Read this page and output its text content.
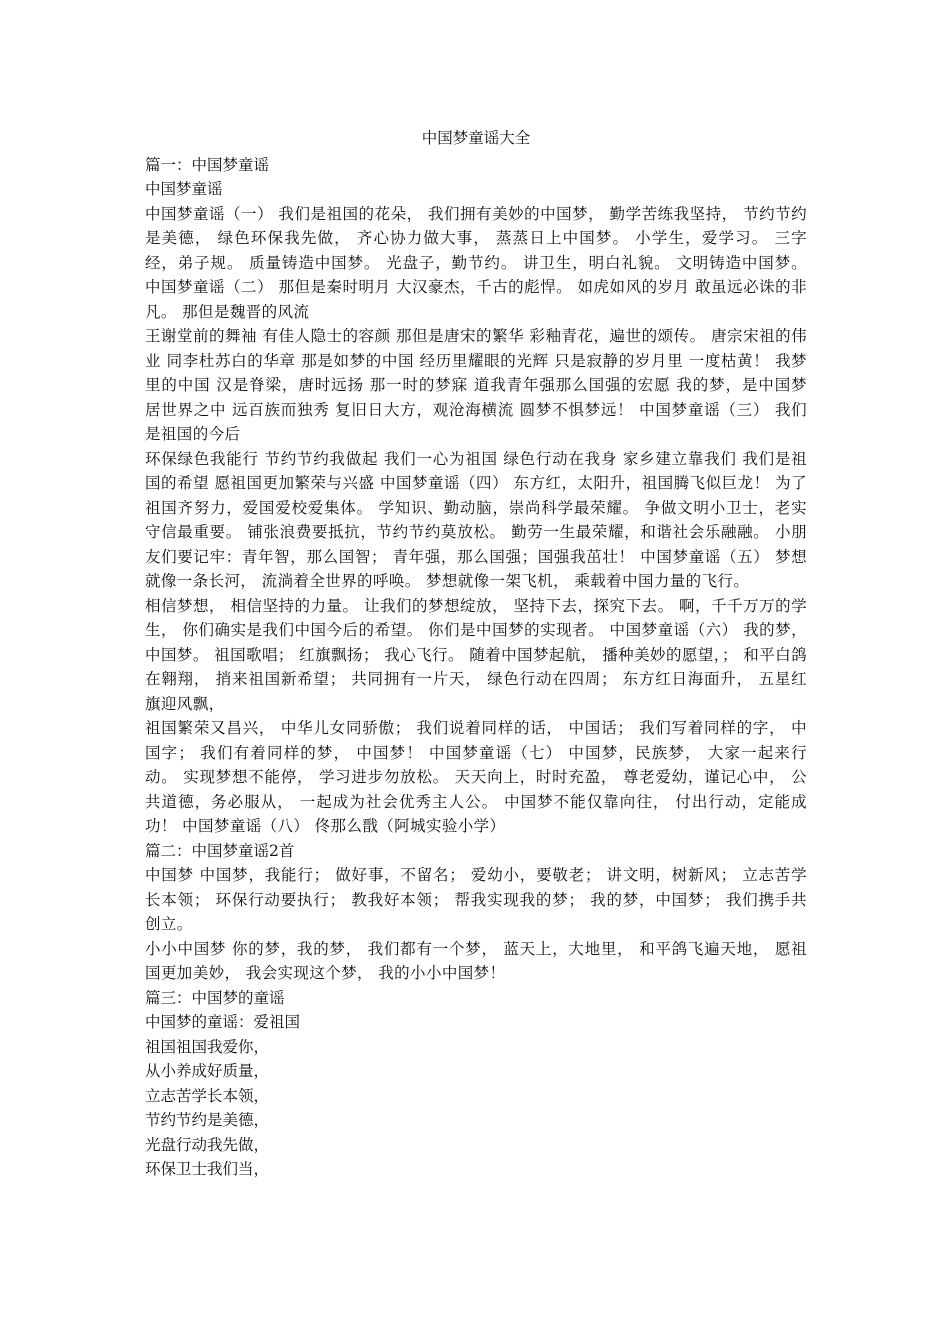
中国梦童谣大全

篇一：中国梦童谣

中国梦童谣

中国梦童谣（一） 我们是祖国的花朵， 我们拥有美妙的中国梦， 勤学苦练我坚持， 节约节约是美德， 绿色环保我先做， 齐心协力做大事， 蒸蒸日上中国梦。 小学生，爱学习。 三字经，弟子规。 质量铸造中国梦。 光盘子，勤节约。 讲卫生，明白礼貌。 文明铸造中国梦。 中国梦童谣（二） 那但是秦时明月 大汉豪杰，千古的彪悍。 如虎如风的岁月 敢虽远必诛的非凡。 那但是魏晋的风流

王谢堂前的舞袖 有佳人隐士的容颜 那但是唐宋的繁华 彩釉青花，遍世的颂传。 唐宗宋祖的伟业 同李杜苏白的华章 那是如梦的中国 经历里耀眼的光辉 只是寂静的岁月里 一度枯黄！ 我梦里的中国 汉是脊梁，唐时远扬 那一时的梦寐 道我青年强那么国强的宏愿 我的梦，是中国梦 居世界之中 远百族而独秀 复旧日大方，观沧海横流 圆梦不惧梦远！ 中国梦童谣（三） 我们是祖国的今后

环保绿色我能行 节约节约我做起 我们一心为祖国 绿色行动在我身 家乡建立靠我们 我们是祖国的希望 愿祖国更加繁荣与兴盛 中国梦童谣（四） 东方红，太阳升，祖国腾飞似巨龙！ 为了祖国齐努力，爱国爱校爱集体。 学知识、勤动脑，崇尚科学最荣耀。 争做文明小卫士，老实守信最重要。 铺张浪费要抵抗，节约节约莫放松。 勤劳一生最荣耀，和谐社会乐融融。 小朋友们要记牢：青年智，那么国智； 青年强，那么国强；国强我茁壮！ 中国梦童谣（五） 梦想就像一条长河， 流淌着全世界的呼唤。 梦想就像一架飞机， 乘载着中国力量的飞行。

相信梦想， 相信坚持的力量。 让我们的梦想绽放， 坚持下去，探究下去。 啊，千千万万的学生， 你们确实是我们中国今后的希望。 你们是中国梦的实现者。 中国梦童谣（六） 我的梦， 中国梦。 祖国歌唱； 红旗飘扬； 我心飞行。 随着中国梦起航， 播种美妙的愿望，； 和平白鸽在翱翔， 捎来祖国新希望； 共同拥有一片天， 绿色行动在四周； 东方红日海面升， 五星红旗迎风飘，

祖国繁荣又昌兴， 中华儿女同骄傲； 我们说着同样的话， 中国话； 我们写着同样的字， 中国字； 我们有着同样的梦， 中国梦！ 中国梦童谣（七） 中国梦，民族梦， 大家一起来行动。 实现梦想不能停， 学习进步勿放松。 天天向上，时时充盈， 尊老爱幼，谨记心中， 公共道德，务必服从， 一起成为社会优秀主人公。 中国梦不能仅靠向往， 付出行动，定能成功！ 中国梦童谣（八） 佟那么戬（阿城实验小学）

篇二：中国梦童谣2首

中国梦 中国梦，我能行； 做好事，不留名； 爱幼小，要敬老； 讲文明，树新风； 立志苦学长本领； 环保行动要执行； 教我好本领； 帮我实现我的梦； 我的梦，中国梦； 我们携手共创立。

小小中国梦 你的梦，我的梦， 我们都有一个梦， 蓝天上，大地里， 和平鸽飞遍天地， 愿祖国更加美妙， 我会实现这个梦， 我的小小中国梦！

篇三：中国梦的童谣

中国梦的童谣：爱祖国

祖国祖国我爱你，

从小养成好质量，

立志苦学长本领，

节约节约是美德，

光盘行动我先做，

环保卫士我们当，
